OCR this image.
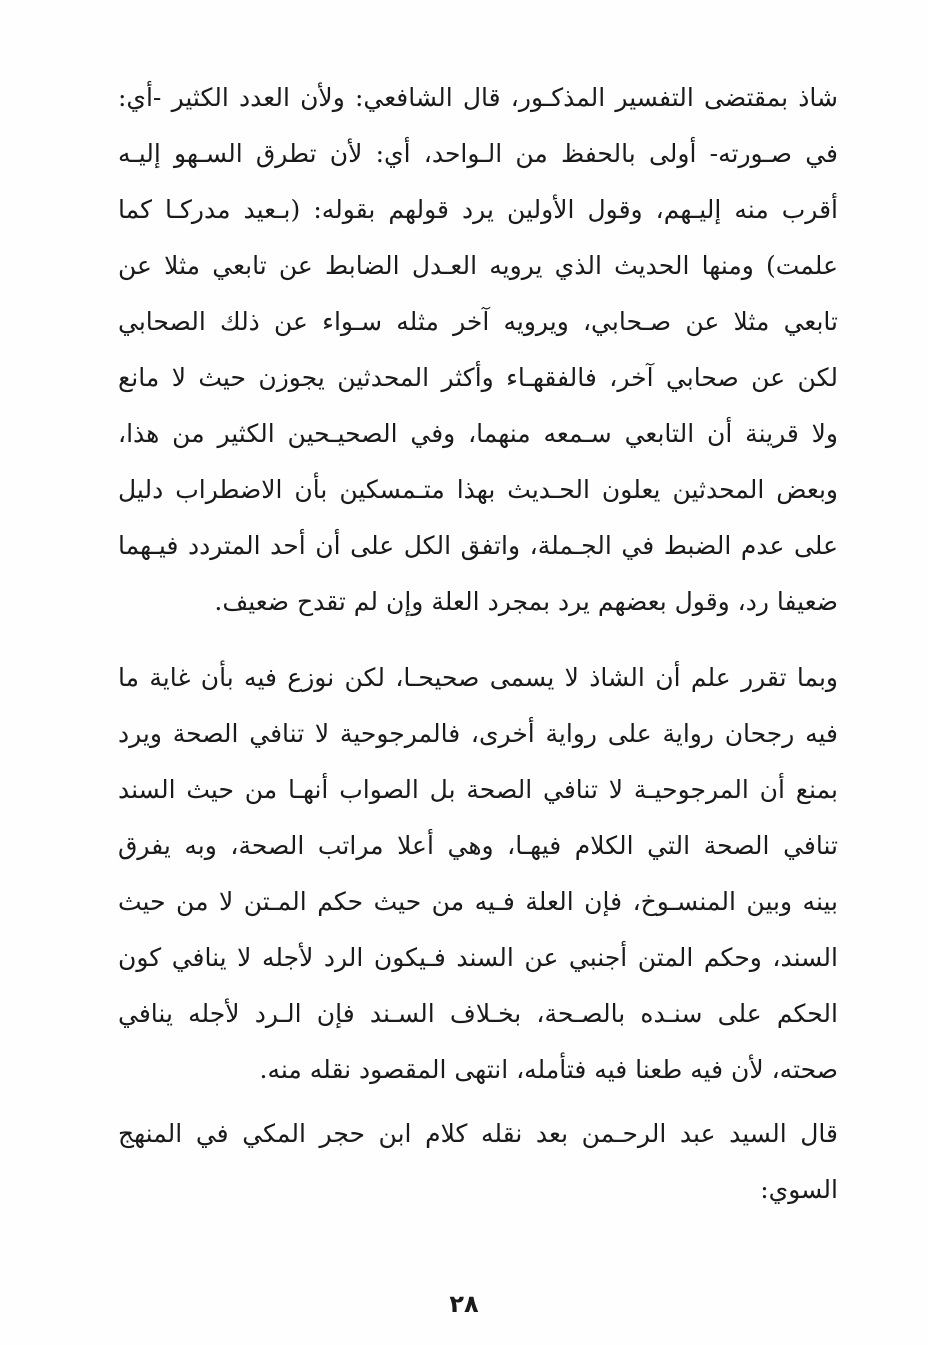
شاذ بمقتضى التفسير المذكـور، قال الشافعي: ولأن العدد الكثير -أي:
في صـورته- أولى بالحفظ من الـواحد، أي: لأن تطرق السـهو إليـه
أقرب منه إليـهم، وقول الأولين يرد قولهم بقوله: (بـعيد مدركـا كما
علمت) ومنها الحديث الذي يرويه العـدل الضابط عن تابعي مثلا عن
تابعي مثلا عن صـحابي، ويرويه آخر مثله سـواء عن ذلك الصحابي
لكن عن صحابي آخر، فالفقهـاء وأكثر المحدثين يجوزن حيث لا مانع
ولا قرينة أن التابعي سـمعه منهما، وفي الصحيـحين الكثير من هذا،
وبعض المحدثين يعلون الحـديث بهذا متـمسكين بأن الاضطراب دليل
على عدم الضبط في الجـملة، واتفق الكل على أن أحد المتردد فيـهما
ضعيفا رد، وقول بعضهم يرد بمجرد العلة وإن لم تقدح ضعيف.
وبما تقرر علم أن الشاذ لا يسمى صحيحـا، لكن نوزع فيه بأن غاية ما
فيه رجحان رواية على رواية أخرى، فالمرجوحية لا تنافي الصحة ويرد
بمنع أن المرجوحيـة لا تنافي الصحة بل الصواب أنهـا من حيث السند
تنافي الصحة التي الكلام فيهـا، وهي أعلا مراتب الصحة، وبه يفرق
بينه وبين المنسـوخ، فإن العلة فـيه من حيث حكم المـتن لا من حيث
السند، وحكم المتن أجنبي عن السند فـيكون الرد لأجله لا ينافي كون
الحكم على سنـده بالصـحة، بخـلاف السـند فإن الـرد لأجله ينافي
صحته، لأن فيه طعنا فيه فتأمله، انتهى المقصود نقله منه.
قال السيد عبد الرحـمن بعد نقله كلام ابن حجر المكي في المنهج
السوي:
٢٨
